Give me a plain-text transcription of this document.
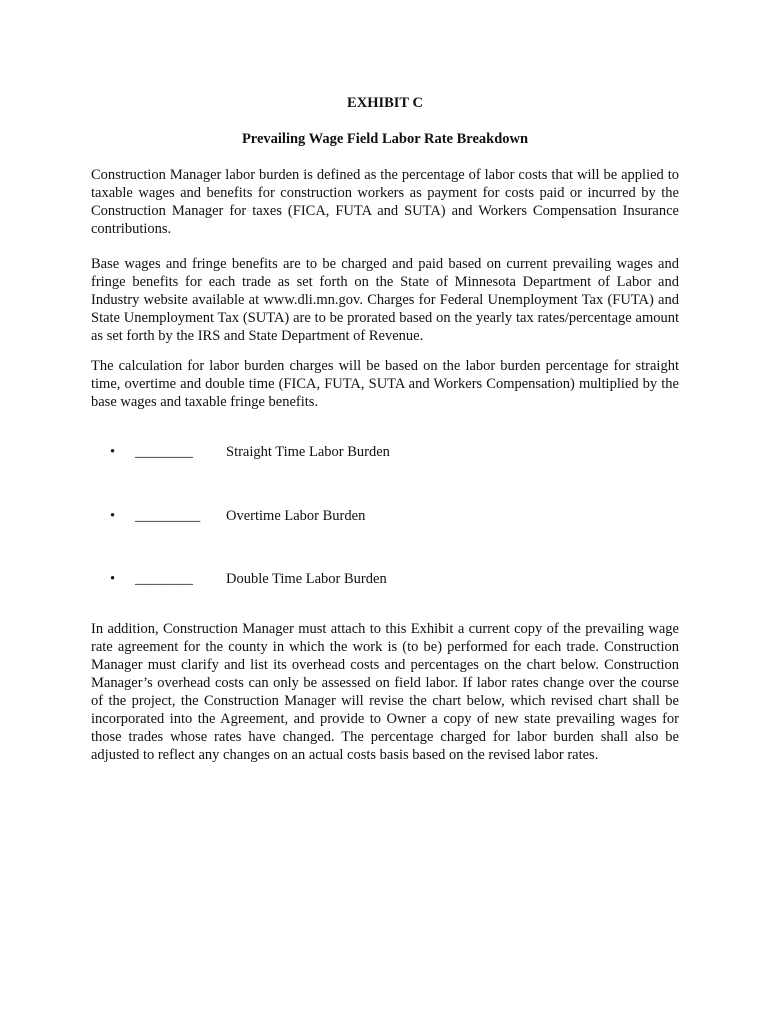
EXHIBIT C
Prevailing Wage Field Labor Rate Breakdown

Construction Manager labor burden is defined as the percentage of labor costs that will be applied to taxable wages and benefits for construction workers as payment for costs paid or incurred by the Construction Manager for taxes (FICA, FUTA and SUTA) and Workers Compensation Insurance contributions.

Base wages and fringe benefits are to be charged and paid based on current prevailing wages and fringe benefits for each trade as set forth on the State of Minnesota Department of Labor and Industry website available at www.dli.mn.gov. Charges for Federal Unemployment Tax (FUTA) and State Unemployment Tax (SUTA) are to be prorated based on the yearly tax rates/percentage amount as set forth by the IRS and State Department of Revenue.

The calculation for labor burden charges will be based on the labor burden percentage for straight time, overtime and double time (FICA, FUTA, SUTA and Workers Compensation) multiplied by the base wages and taxable fringe benefits.

•	________ Straight Time Labor Burden
•	_________ Overtime Labor Burden
•	________ Double Time Labor Burden

In addition, Construction Manager must attach to this Exhibit a current copy of the prevailing wage rate agreement for the county in which the work is (to be) performed for each trade. Construction Manager must clarify and list its overhead costs and percentages on the chart below. Construction Manager’s overhead costs can only be assessed on field labor. If labor rates change over the course of the project, the Construction Manager will revise the chart below, which revised chart shall be incorporated into the Agreement, and provide to Owner a copy of new state prevailing wages for those trades whose rates have changed. The percentage charged for labor burden shall also be adjusted to reflect any changes on an actual costs basis based on the revised labor rates.
